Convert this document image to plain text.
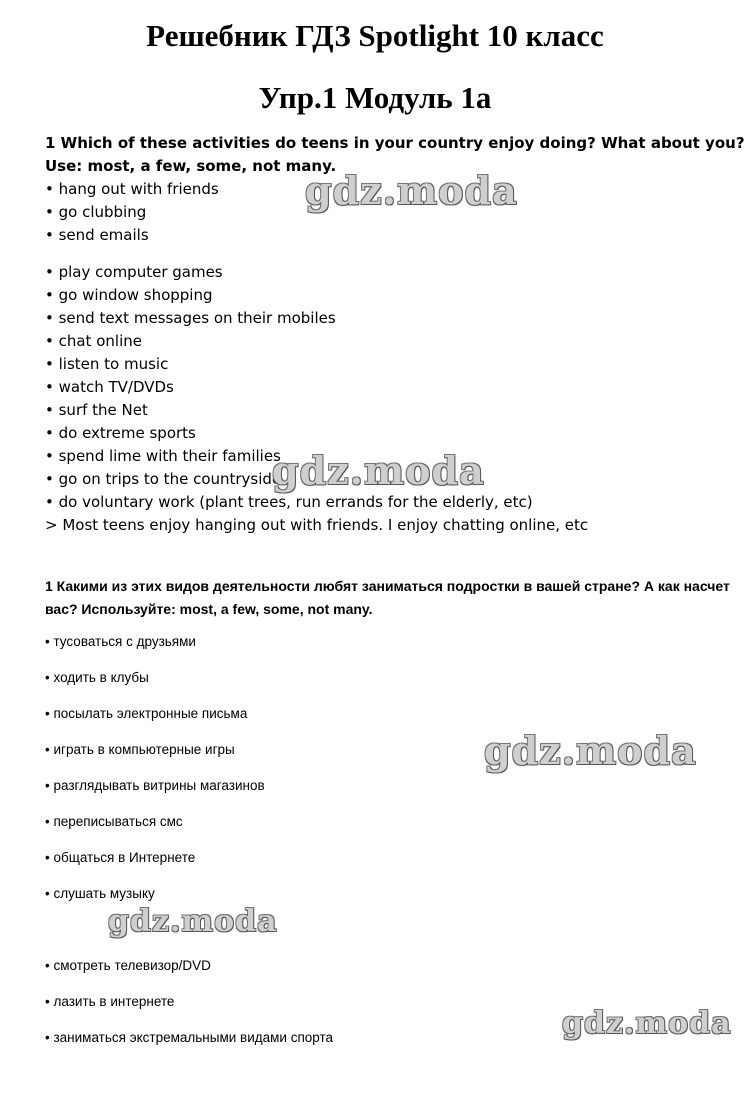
Решебник ГДЗ Spotlight 10 класс
Упр.1 Модуль 1а
1 Which of these activities do teens in your country enjoy doing? What about you?
Use: most, a few, some, not many.
• hang out with friends
• go clubbing
• send emails
• play computer games
• go window shopping
• send text messages on their mobiles
• chat online
• listen to music
• watch TV/DVDs
• surf the Net
• do extreme sports
• spend lime with their families
• go on trips to the countryside
• do voluntary work (plant trees, run errands for the elderly, etc)
> Most teens enjoy hanging out with friends. I enjoy chatting online, etc
1 Какими из этих видов деятельности любят заниматься подростки в вашей стране? А как насчет
вас? Используйте: most, a few, some, not many.
• тусоваться с друзьями
• ходить в клубы
• посылать электронные письма
• играть в компьютерные игры
• разглядывать витрины магазинов
• переписываться смс
• общаться в Интернете
• слушать музыку
• смотреть телевизор/DVD
• лазить в интернете
• заниматься экстремальными видами спорта
gdz.moda
gdz.moda
gdz.moda
gdz.moda
gdz.moda
